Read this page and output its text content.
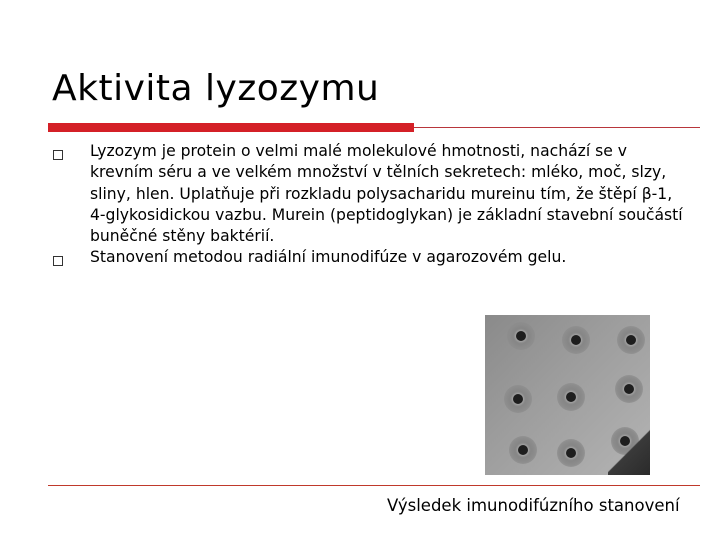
Aktivita lyzozymu
Lyzozym je protein o velmi malé molekulové hmotnosti, nachází se v krevním séru a ve velkém množství v tělních sekretech: mléko, moč, slzy, sliny, hlen. Uplatňuje při rozkladu polysacharidu mureinu tím, že štěpí β-1, 4-glykosidickou vazbu. Murein (peptidoglykan) je základní stavební součástí buněčné stěny baktérií.
Stanovení metodou radiální imunodifúze v agarozovém gelu.
Výsledek imunodifúzního stanovení
